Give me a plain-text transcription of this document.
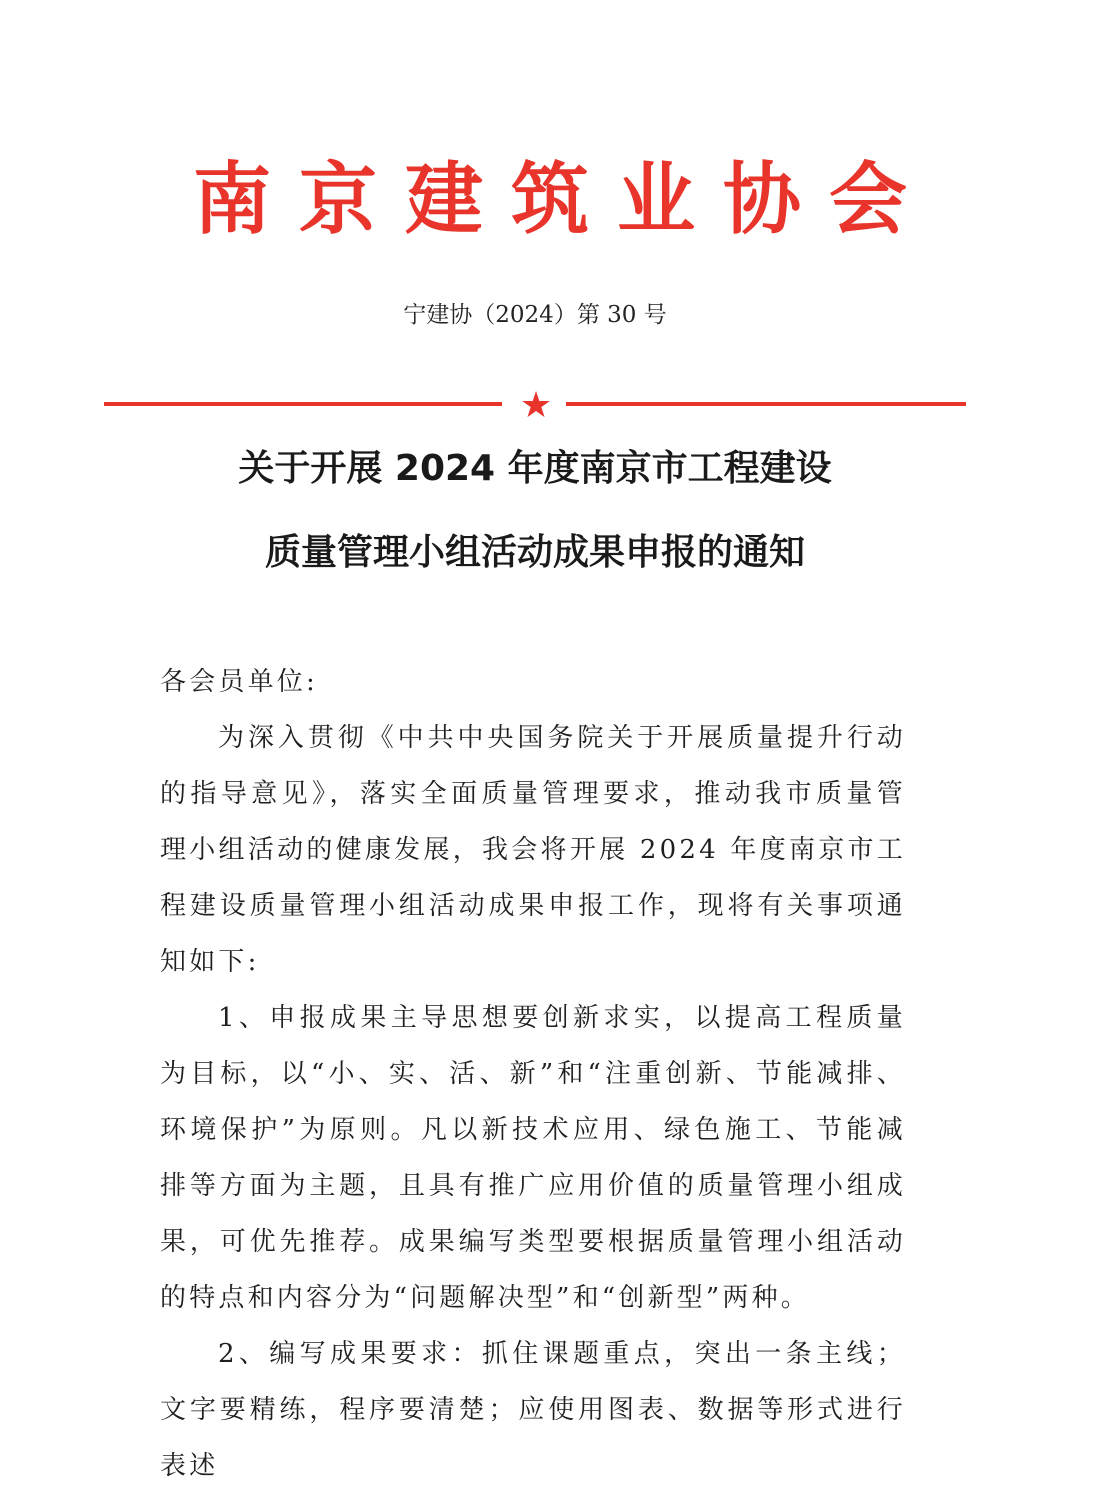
南京建筑业协会
宁建协（2024）第 30 号
★
关于开展 2024 年度南京市工程建设
质量管理小组活动成果申报的通知

各会员单位:

为深入贯彻《中共中央国务院关于开展质量提升行动的指导意见》，落实全面质量管理要求，推动我市质量管理小组活动的健康发展，我会将开展 2024 年度南京市工程建设质量管理小组活动成果申报工作，现将有关事项通知如下:

1、申报成果主导思想要创新求实，以提高工程质量为目标，以“小、实、活、新”和“注重创新、节能减排、环境保护”为原则。凡以新技术应用、绿色施工、节能减排等方面为主题，且具有推广应用价值的质量管理小组成果，可优先推荐。成果编写类型要根据质量管理小组活动的特点和内容分为“问题解决型”和“创新型”两种。

2、编写成果要求：抓住课题重点，突出一条主线；文字要精练，程序要清楚；应使用图表、数据等形式进行表述
